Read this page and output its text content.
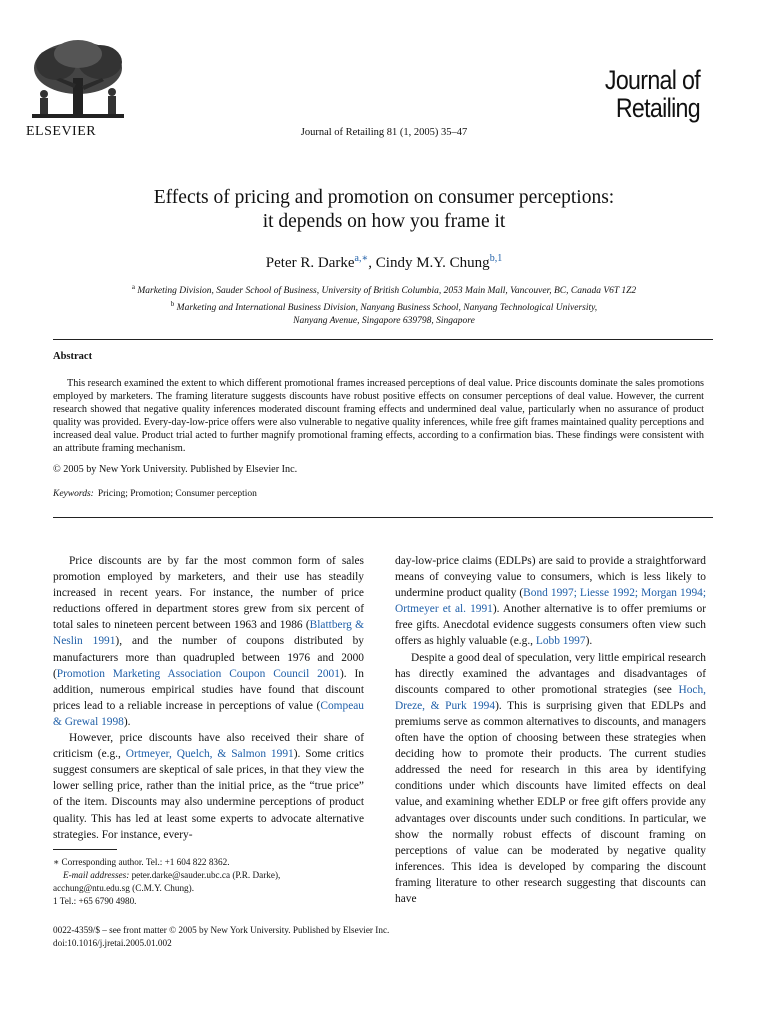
ELSEVIER	Journal of Retailing 81 (1, 2005) 35–47
Journal of
Retailing
Effects of pricing and promotion on consumer perceptions:
it depends on how you frame it
Peter R. Darke$^{a,∗}$, Cindy M.Y. Chung$^{b,1}$
$^a$ Marketing Division, Sauder School of Business, University of British Columbia, 2053 Main Mall, Vancouver, BC, Canada V6T 1Z2
$^b$ Marketing and International Business Division, Nanyang Business School, Nanyang Technological University,
Nanyang Avenue, Singapore 639798, Singapore
Abstract
This research examined the extent to which different promotional frames increased perceptions of deal value. Price discounts dominate the sales promotions employed by marketers. The framing literature suggests discounts have robust positive effects on consumer perceptions of deal value. However, the current research showed that negative quality inferences moderated discount framing effects and undermined deal value, particularly when no assurance of product quality was provided. Every-day-low-price offers were also vulnerable to negative quality inferences, while free gift frames maintained quality perceptions and increased deal value. Product trial acted to further magnify promotional framing effects, according to a confirmation bias. These findings were consistent with an attribute framing mechanism.
© 2005 by New York University. Published by Elsevier Inc.
Keywords: Pricing; Promotion; Consumer perception

Price discounts are by far the most common form of sales promotion employed by marketers, and their use has steadily increased in recent years. For instance, the number of price reductions offered in department stores grew from six percent of total sales to nineteen percent between 1963 and 1986 (Blattberg & Neslin 1991), and the number of coupons distributed by manufacturers more than quadrupled between 1976 and 2000 (Promotion Marketing Association Coupon Council 2001). In addition, numerous empirical studies have found that discount prices lead to a reliable increase in perceptions of value (Compeau & Grewal 1998).

However, price discounts have also received their share of criticism (e.g., Ortmeyer, Quelch, & Salmon 1991). Some critics suggest consumers are skeptical of sale prices, in that they view the lower selling price, rather than the initial price, as the “true price” of the item. Discounts may also undermine perceptions of product quality. This has led at least some experts to advocate alternative strategies. For instance, every-

day-low-price claims (EDLPs) are said to provide a straightforward means of conveying value to consumers, which is less likely to undermine product quality (Bond 1997; Liesse 1992; Morgan 1994; Ortmeyer et al. 1991). Another alternative is to offer premiums or free gifts. Anecdotal evidence suggests consumers often view such offers as highly valuable (e.g., Lobb 1997).

Despite a good deal of speculation, very little empirical research has directly examined the advantages and disadvantages of discounts compared to other promotional strategies (see Hoch, Dreze, & Purk 1994). This is surprising given that EDLPs and premiums serve as common alternatives to discounts, and managers often have the option of choosing between these strategies when deciding how to promote their products. The current studies addressed the need for research in this area by identifying conditions under which discounts have limited effects on deal value, and examining whether EDLP or free gift offers provide any advantages over discounts under such conditions. In particular, we show the normally robust effects of discount framing on perceptions of value can be moderated by negative quality inferences. This idea is developed by comparing the discount framing literature to other research suggesting that discounts can have

∗ Corresponding author. Tel.: +1 604 822 8362.
E-mail addresses: peter.darke@sauder.ubc.ca (P.R. Darke),
acchung@ntu.edu.sg (C.M.Y. Chung).
1 Tel.: +65 6790 4980.
0022-4359/$ – see front matter © 2005 by New York University. Published by Elsevier Inc.
doi:10.1016/j.jretai.2005.01.002
